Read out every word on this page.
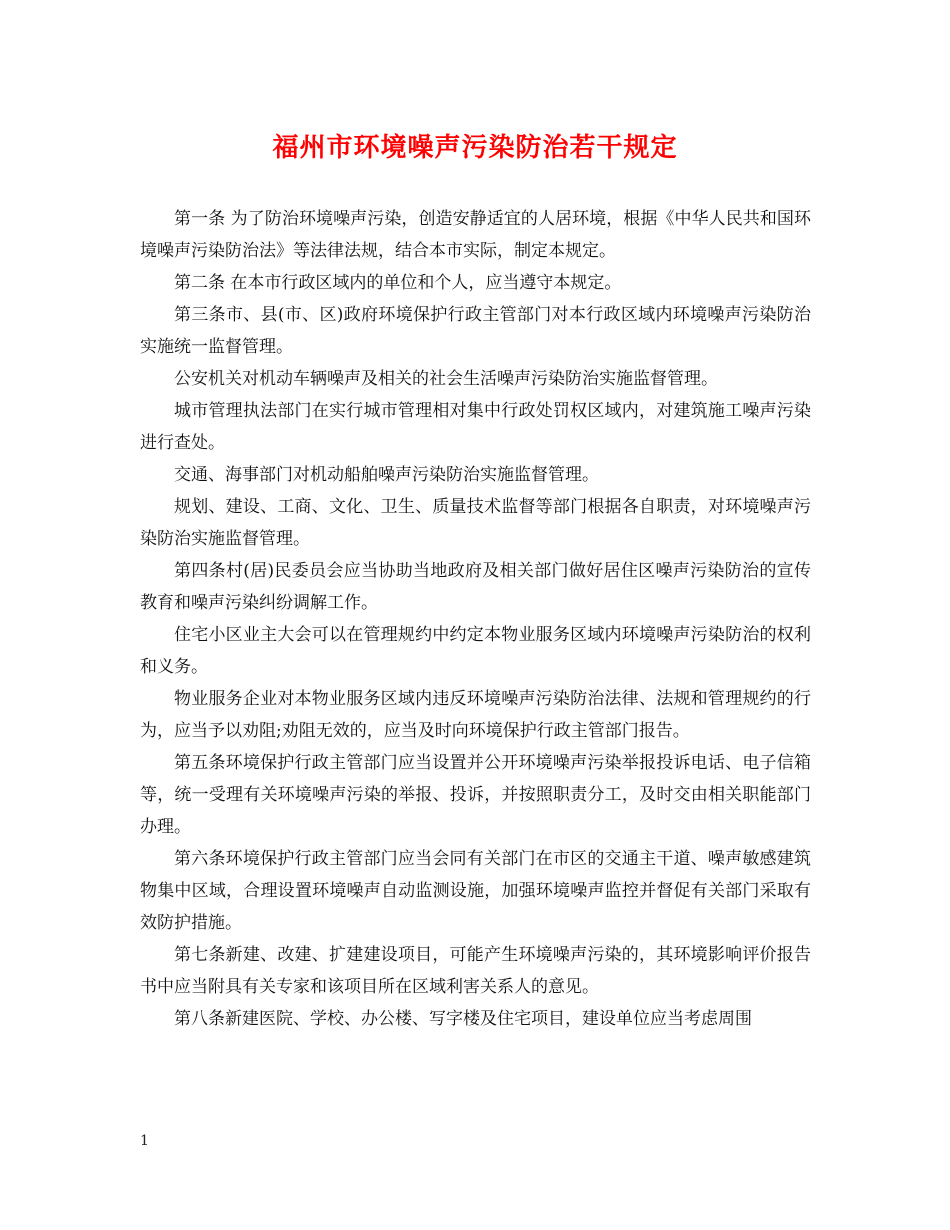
福州市环境噪声污染防治若干规定

第一条 为了防治环境噪声污染，创造安静适宜的人居环境，根据《中华人民共和国环境噪声污染防治法》等法律法规，结合本市实际，制定本规定。

第二条 在本市行政区域内的单位和个人，应当遵守本规定。

第三条市、县(市、区)政府环境保护行政主管部门对本行政区域内环境噪声污染防治实施统一监督管理。

公安机关对机动车辆噪声及相关的社会生活噪声污染防治实施监督管理。

城市管理执法部门在实行城市管理相对集中行政处罚权区域内，对建筑施工噪声污染进行查处。

交通、海事部门对机动船舶噪声污染防治实施监督管理。

规划、建设、工商、文化、卫生、质量技术监督等部门根据各自职责，对环境噪声污染防治实施监督管理。

第四条村(居)民委员会应当协助当地政府及相关部门做好居住区噪声污染防治的宣传教育和噪声污染纠纷调解工作。

住宅小区业主大会可以在管理规约中约定本物业服务区域内环境噪声污染防治的权利和义务。

物业服务企业对本物业服务区域内违反环境噪声污染防治法律、法规和管理规约的行为，应当予以劝阻;劝阻无效的，应当及时向环境保护行政主管部门报告。

第五条环境保护行政主管部门应当设置并公开环境噪声污染举报投诉电话、电子信箱等，统一受理有关环境噪声污染的举报、投诉，并按照职责分工，及时交由相关职能部门办理。

第六条环境保护行政主管部门应当会同有关部门在市区的交通主干道、噪声敏感建筑物集中区域，合理设置环境噪声自动监测设施，加强环境噪声监控并督促有关部门采取有效防护措施。

第七条新建、改建、扩建建设项目，可能产生环境噪声污染的，其环境影响评价报告书中应当附具有关专家和该项目所在区域利害关系人的意见。

第八条新建医院、学校、办公楼、写字楼及住宅项目，建设单位应当考虑周围

1
